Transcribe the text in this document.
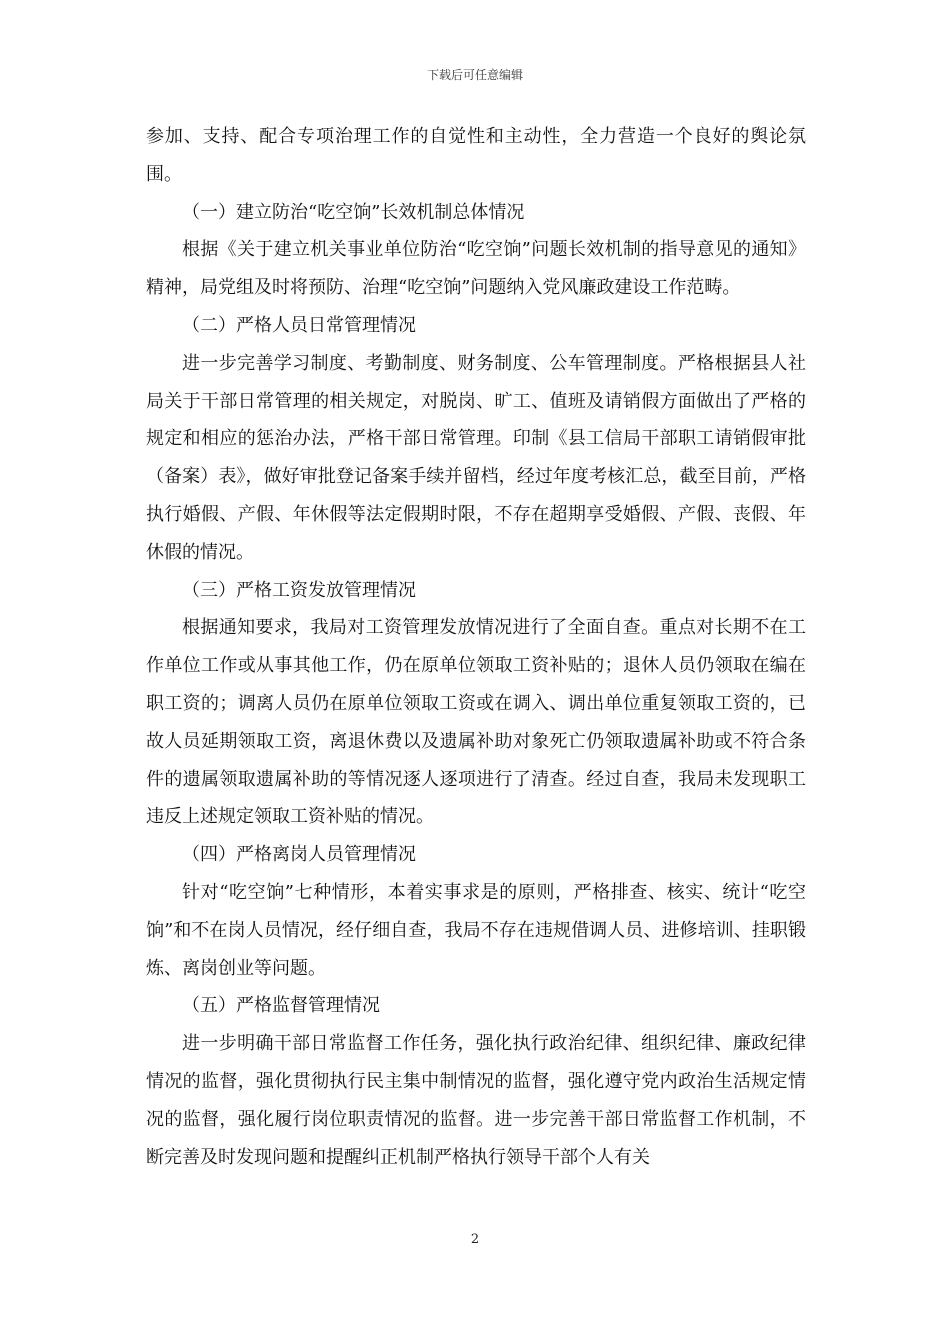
下载后可任意编辑

参加、支持、配合专项治理工作的自觉性和主动性，全力营造一个良好的舆论氛围。

（一）建立防治“吃空饷”长效机制总体情况

根据《关于建立机关事业单位防治“吃空饷”问题长效机制的指导意见的通知》精神，局党组及时将预防、治理“吃空饷”问题纳入党风廉政建设工作范畴。

（二）严格人员日常管理情况

进一步完善学习制度、考勤制度、财务制度、公车管理制度。严格根据县人社局关于干部日常管理的相关规定，对脱岗、旷工、值班及请销假方面做出了严格的规定和相应的惩治办法，严格干部日常管理。印制《县工信局干部职工请销假审批（备案）表》，做好审批登记备案手续并留档，经过年度考核汇总，截至目前，严格执行婚假、产假、年休假等法定假期时限，不存在超期享受婚假、产假、丧假、年休假的情况。

（三）严格工资发放管理情况

根据通知要求，我局对工资管理发放情况进行了全面自查。重点对长期不在工作单位工作或从事其他工作，仍在原单位领取工资补贴的；退休人员仍领取在编在职工资的；调离人员仍在原单位领取工资或在调入、调出单位重复领取工资的，已故人员延期领取工资，离退休费以及遗属补助对象死亡仍领取遗属补助或不符合条件的遗属领取遗属补助的等情况逐人逐项进行了清查。经过自查，我局未发现职工违反上述规定领取工资补贴的情况。

（四）严格离岗人员管理情况

针对“吃空饷”七种情形，本着实事求是的原则，严格排查、核实、统计“吃空饷”和不在岗人员情况，经仔细自查，我局不存在违规借调人员、进修培训、挂职锻炼、离岗创业等问题。

（五）严格监督管理情况

进一步明确干部日常监督工作任务，强化执行政治纪律、组织纪律、廉政纪律情况的监督，强化贯彻执行民主集中制情况的监督，强化遵守党内政治生活规定情况的监督，强化履行岗位职责情况的监督。进一步完善干部日常监督工作机制，不断完善及时发现问题和提醒纠正机制严格执行领导干部个人有关

2
